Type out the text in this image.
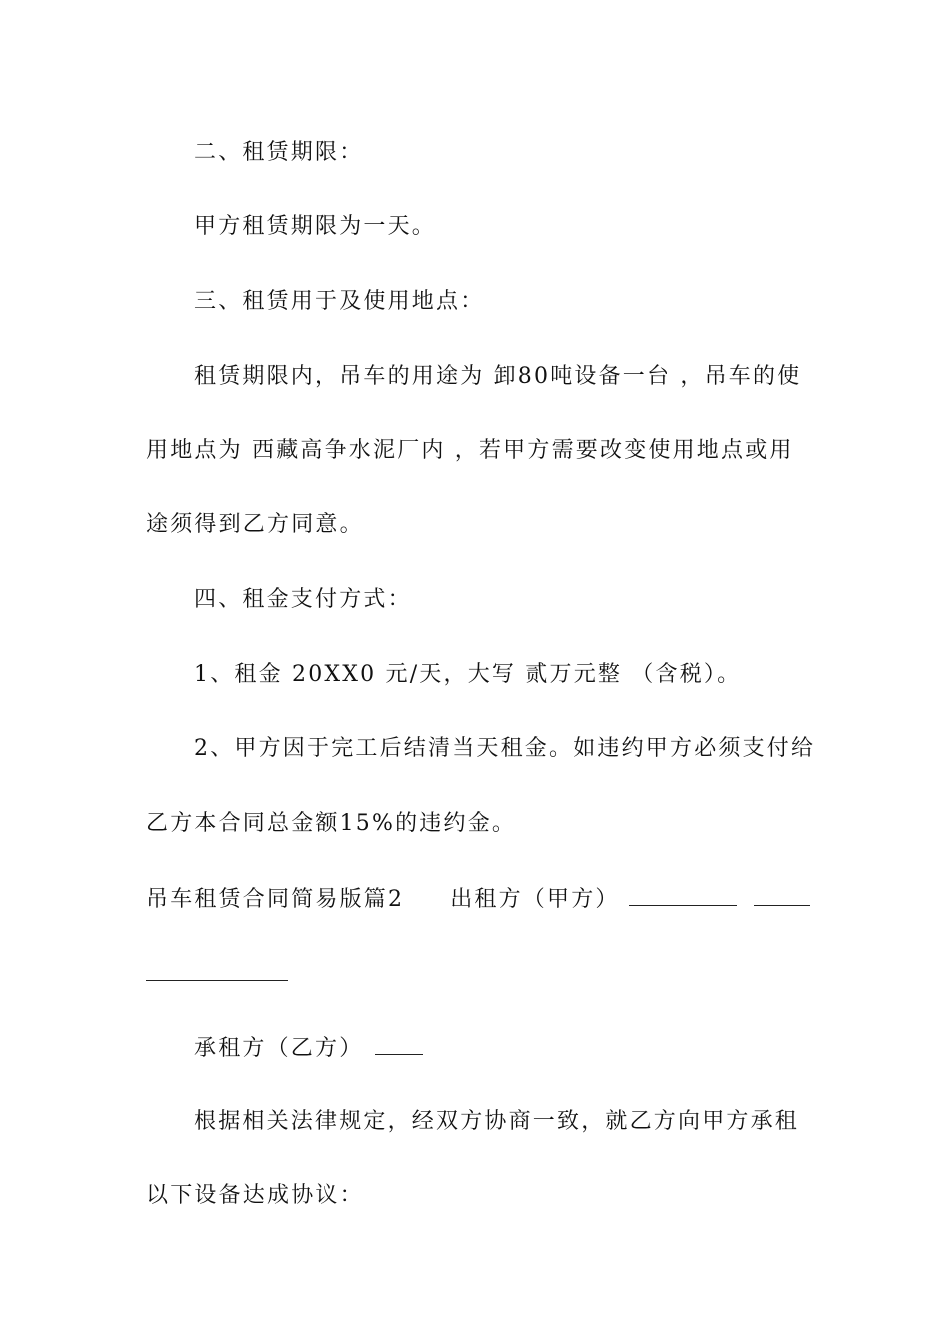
二、租赁期限：
甲方租赁期限为一天。
三、租赁用于及使用地点：
租赁期限内，吊车的用途为 卸80吨设备一台 ，吊车的使
用地点为 西藏高争水泥厂内 ，若甲方需要改变使用地点或用
途须得到乙方同意。
四、租金支付方式：
1、租金 20XX0 元/天，大写 贰万元整 （含税）。
2、甲方因于完工后结清当天租金。如违约甲方必须支付给
乙方本合同总金额15%的违约金。
吊车租赁合同简易版篇2 出租方（甲方）
承租方（乙方）
根据相关法律规定，经双方协商一致，就乙方向甲方承租
以下设备达成协议：
